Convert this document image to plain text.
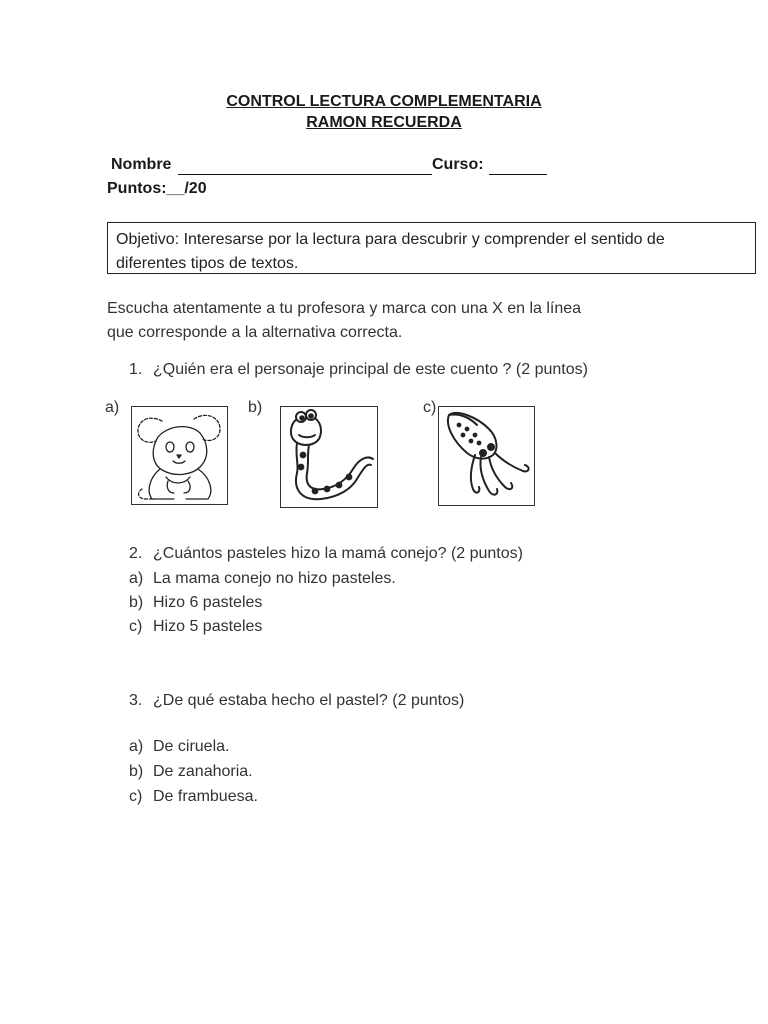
CONTROL LECTURA COMPLEMENTARIA
RAMON RECUERDA
Nombre	Curso:
Puntos:__/20
Objetivo: Interesarse por la lectura para descubrir y comprender el sentido de
diferentes tipos de textos.
Escucha atentamente a tu profesora y marca con una X en la línea
que corresponde a la alternativa correcta.
1. ¿Quién era el personaje principal de este cuento ? (2 puntos)
a)	b)	c)
2. ¿Cuántos pasteles hizo la mamá conejo? (2 puntos)
a) La mama conejo no hizo pasteles.
b) Hizo 6 pasteles
c) Hizo 5 pasteles
3. ¿De qué estaba hecho el pastel? (2 puntos)
a) De ciruela.
b) De zanahoria.
c) De frambuesa.
